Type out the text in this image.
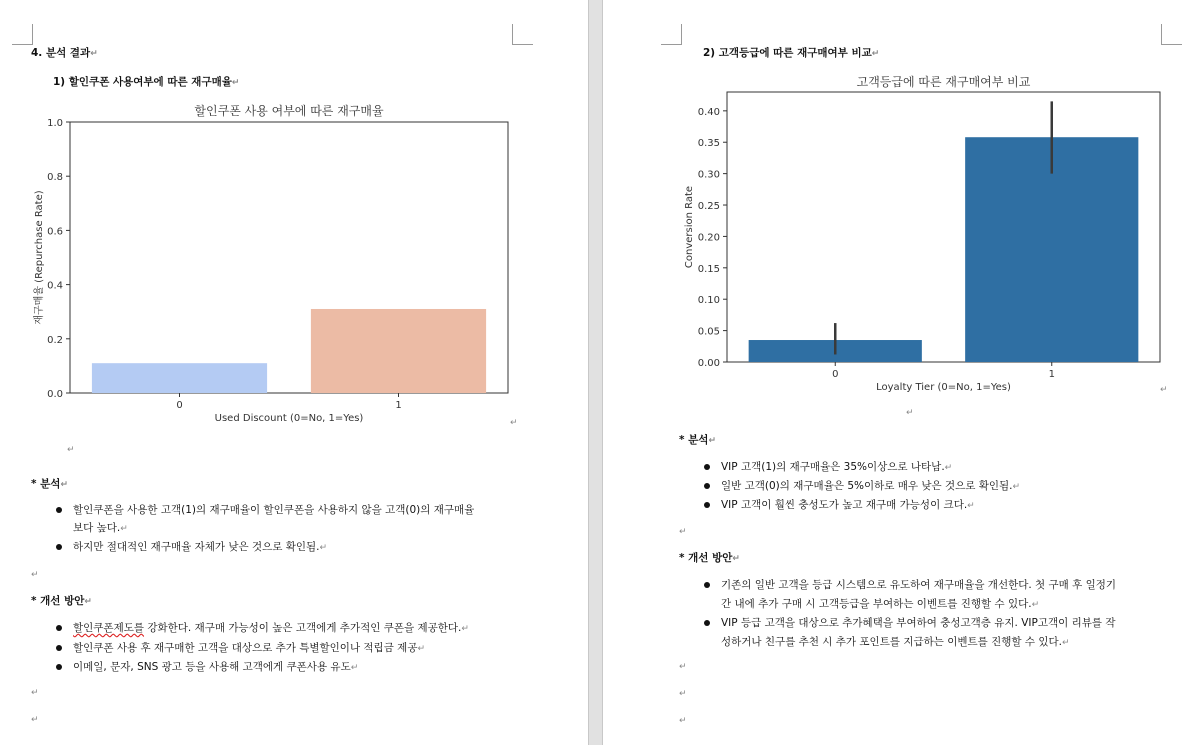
4. 분석 결과↵
1) 할인쿠폰 사용여부에 따른 재구매율↵
할인쿠폰 사용 여부에 따른 재구매율
0.0
0.2
0.4
0.6
0.8
1.0
0	1
Used Discount (0=No, 1=Yes)
재구매율 (Repurchase Rate)
↵
↵
* 분석↵
할인쿠폰을 사용한 고객(1)의 재구매율이 할인쿠폰을 사용하지 않을 고객(0)의 재구매율
보다 높다.↵
하지만 절대적인 재구매율 자체가 낮은 것으로 확인됨.↵
↵
* 개선 방안↵
할인쿠폰제도를 강화한다. 재구매 가능성이 높은 고객에게 추가적인 쿠폰을 제공한다.↵
할인쿠폰 사용 후 재구매한 고객을 대상으로 추가 특별할인이나 적립금 제공↵
이메일, 문자, SNS 광고 등을 사용해 고객에게 쿠폰사용 유도↵
↵
↵
2) 고객등급에 따른 재구매여부 비교↵
고객등급에 따른 재구매여부 비교
0.00
0.05
0.10
0.15
0.20
0.25
0.30
0.35
0.40
0	1
Loyalty Tier (0=No, 1=Yes)
Conversion Rate
↵
↵
* 분석↵
VIP 고객(1)의 재구매율은 35%이상으로 나타남.↵
일반 고객(0)의 재구매율은 5%이하로 매우 낮은 것으로 확인됨.↵
VIP 고객이 훨씬 충성도가 높고 재구매 가능성이 크다.↵
↵
* 개선 방안↵
기존의 일반 고객을 등급 시스템으로 유도하여 재구매율을 개선한다. 첫 구매 후 일정기
간 내에 추가 구매 시 고객등급을 부여하는 이벤트를 진행할 수 있다.↵
VIP 등급 고객을 대상으로 추가혜택을 부여하여 충성고객층 유지. VIP고객이 리뷰를 작
성하거나 친구를 추천 시 추가 포인트를 지급하는 이벤트를 진행할 수 있다.↵
↵
↵
↵
